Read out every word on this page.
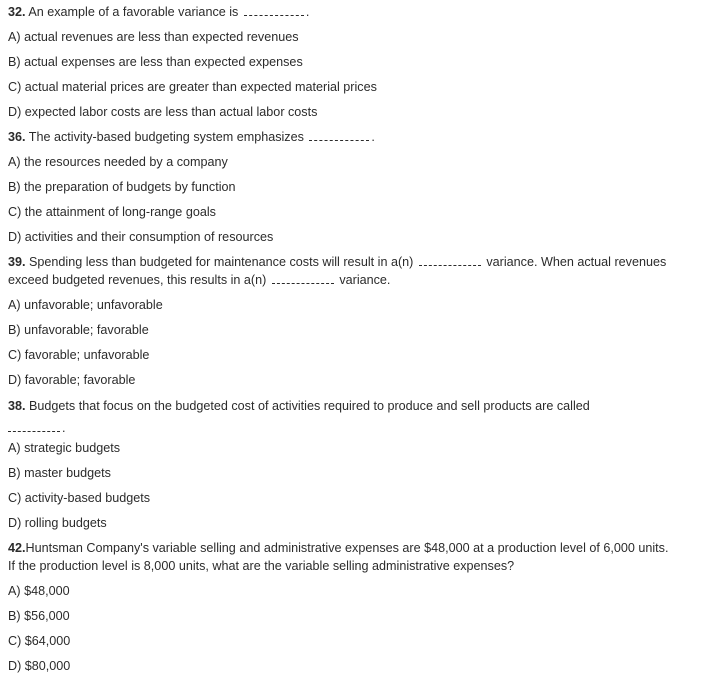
32. An example of a favorable variance is	.
A) actual revenues are less than expected revenues
B) actual expenses are less than expected expenses
C) actual material prices are greater than expected material prices
D) expected labor costs are less than actual labor costs
36. The activity-based budgeting system emphasizes	.
A) the resources needed by a company
B) the preparation of budgets by function
C) the attainment of long-range goals
D) activities and their consumption of resources
39. Spending less than budgeted for maintenance costs will result in a(n)	variance. When actual revenues exceed budgeted revenues, this results in a(n)	variance.
A) unfavorable; unfavorable
B) unfavorable; favorable
C) favorable; unfavorable
D) favorable; favorable
38. Budgets that focus on the budgeted cost of activities required to produce and sell products are called
.
A) strategic budgets
B) master budgets
C) activity-based budgets
D) rolling budgets
42.Huntsman Company's variable selling and administrative expenses are $48,000 at a production level of 6,000 units. If the production level is 8,000 units, what are the variable selling administrative expenses?
A) $48,000
B) $56,000
C) $64,000
D) $80,000
